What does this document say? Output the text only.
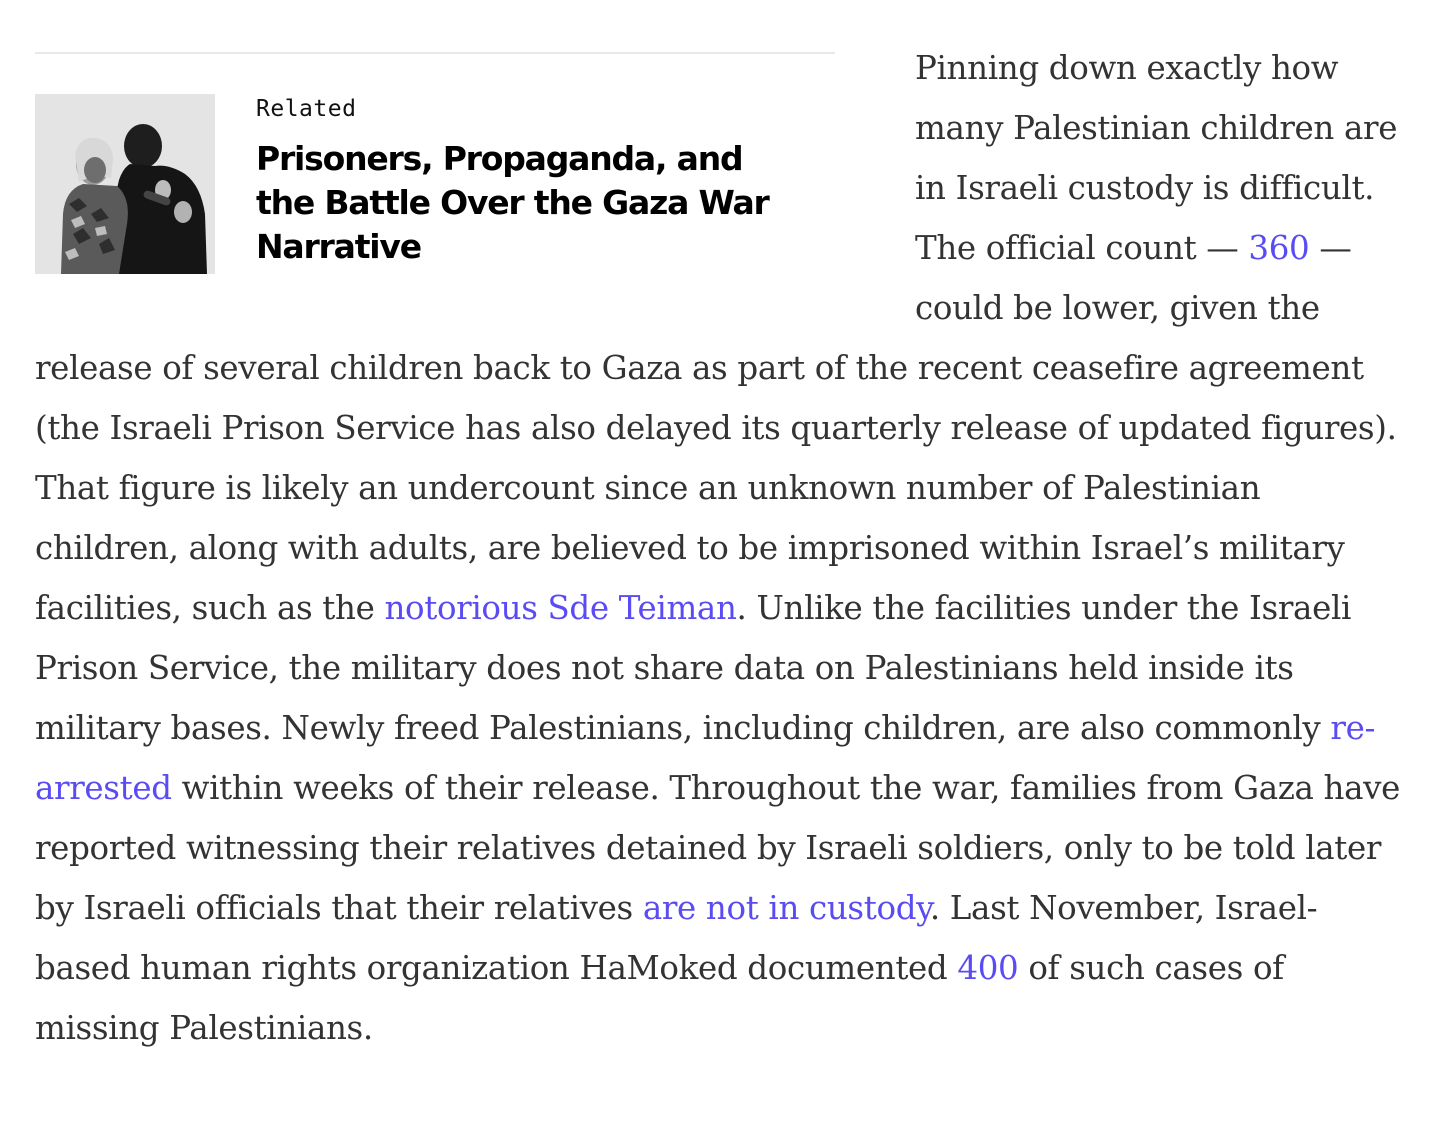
Related
Prisoners, Propaganda, and the Battle Over the Gaza War Narrative

Pinning down exactly how many Palestinian children are in Israeli custody is difficult. The official count — 360 — could be lower, given the release of several children back to Gaza as part of the recent ceasefire agreement (the Israeli Prison Service has also delayed its quarterly release of updated figures). That figure is likely an undercount since an unknown number of Palestinian children, along with adults, are believed to be imprisoned within Israel’s military facilities, such as the notorious Sde Teiman. Unlike the facilities under the Israeli Prison Service, the military does not share data on Palestinians held inside its military bases. Newly freed Palestinians, including children, are also commonly re-arrested within weeks of their release. Throughout the war, families from Gaza have reported witnessing their relatives detained by Israeli soldiers, only to be told later by Israeli officials that their relatives are not in custody. Last November, Israel-based human rights organization HaMoked documented 400 of such cases of missing Palestinians.
